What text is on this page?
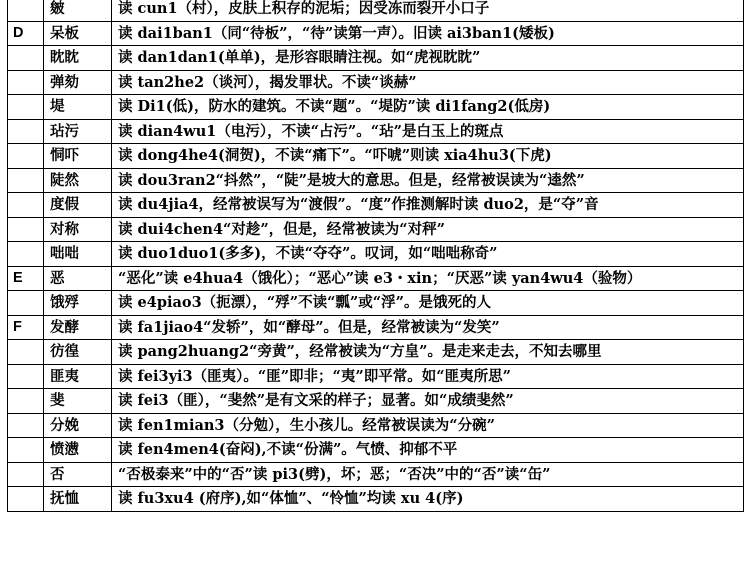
	皴	读 cun1（村），皮肤上积存的泥垢；因受冻而裂开小口子
D	呆板	读 dai1ban1（同“待板”，“待”读第一声）。旧读 ai3ban1(矮板)
	眈眈	读 dan1dan1(单单)，是形容眼睛注视。如“虎视眈眈”
	弹劾	读 tan2he2（谈河），揭发罪状。不读“谈赫”
	堤	读 Di1(低)，防水的建筑。不读“题”。“堤防”读 di1fang2(低房)
	玷污	读 dian4wu1（电污），不读“占污”。“玷”是白玉上的斑点
	恫吓	读 dong4he4(洞贺)，不读“痛下”。“吓唬”则读 xia4hu3(下虎)
	陡然	读 dou3ran2“抖然”，“陡”是坡大的意思。但是，经常被误读为“逵然”
	度假	读 du4jia4，经常被误写为“渡假”。“度”作推测解时读 duo2，是“夺”音
	对称	读 dui4chen4“对趁”，但是，经常被读为“对秤”
	咄咄	读 duo1duo1(多多)，不读“夺夺”。叹词，如“咄咄称奇”
E	恶	“恶化”读 e4hua4（饿化）；“恶心”读 e3・xin；“厌恶”读 yan4wu4（验物）
	饿殍	读 e4piao3（扼漂），“殍”不读“瓢”或“浮”。是饿死的人
F	发酵	读 fa1jiao4“发轿”，如“酵母”。但是，经常被读为“发笑”
	彷徨	读 pang2huang2“旁黄”，经常被读为“方皇”。是走来走去，不知去哪里
	匪夷	读 fei3yi3（匪夷）。“匪”即非；“夷”即平常。如“匪夷所思”
	斐	读 fei3（匪），“斐然”是有文采的样子；显著。如“成绩斐然”
	分娩	读 fen1mian3（分勉），生小孩儿。经常被误读为“分碗”
	愤懑	读 fen4men4(奋闷),不读“份满”。气愤、抑郁不平
	否	“否极泰来”中的“否”读 pi3(劈)，坏；恶；“否决”中的“否”读“缶”
	抚恤	读 fu3xu4 (府序),如“体恤”、“怜恤”均读 xu 4(序)
